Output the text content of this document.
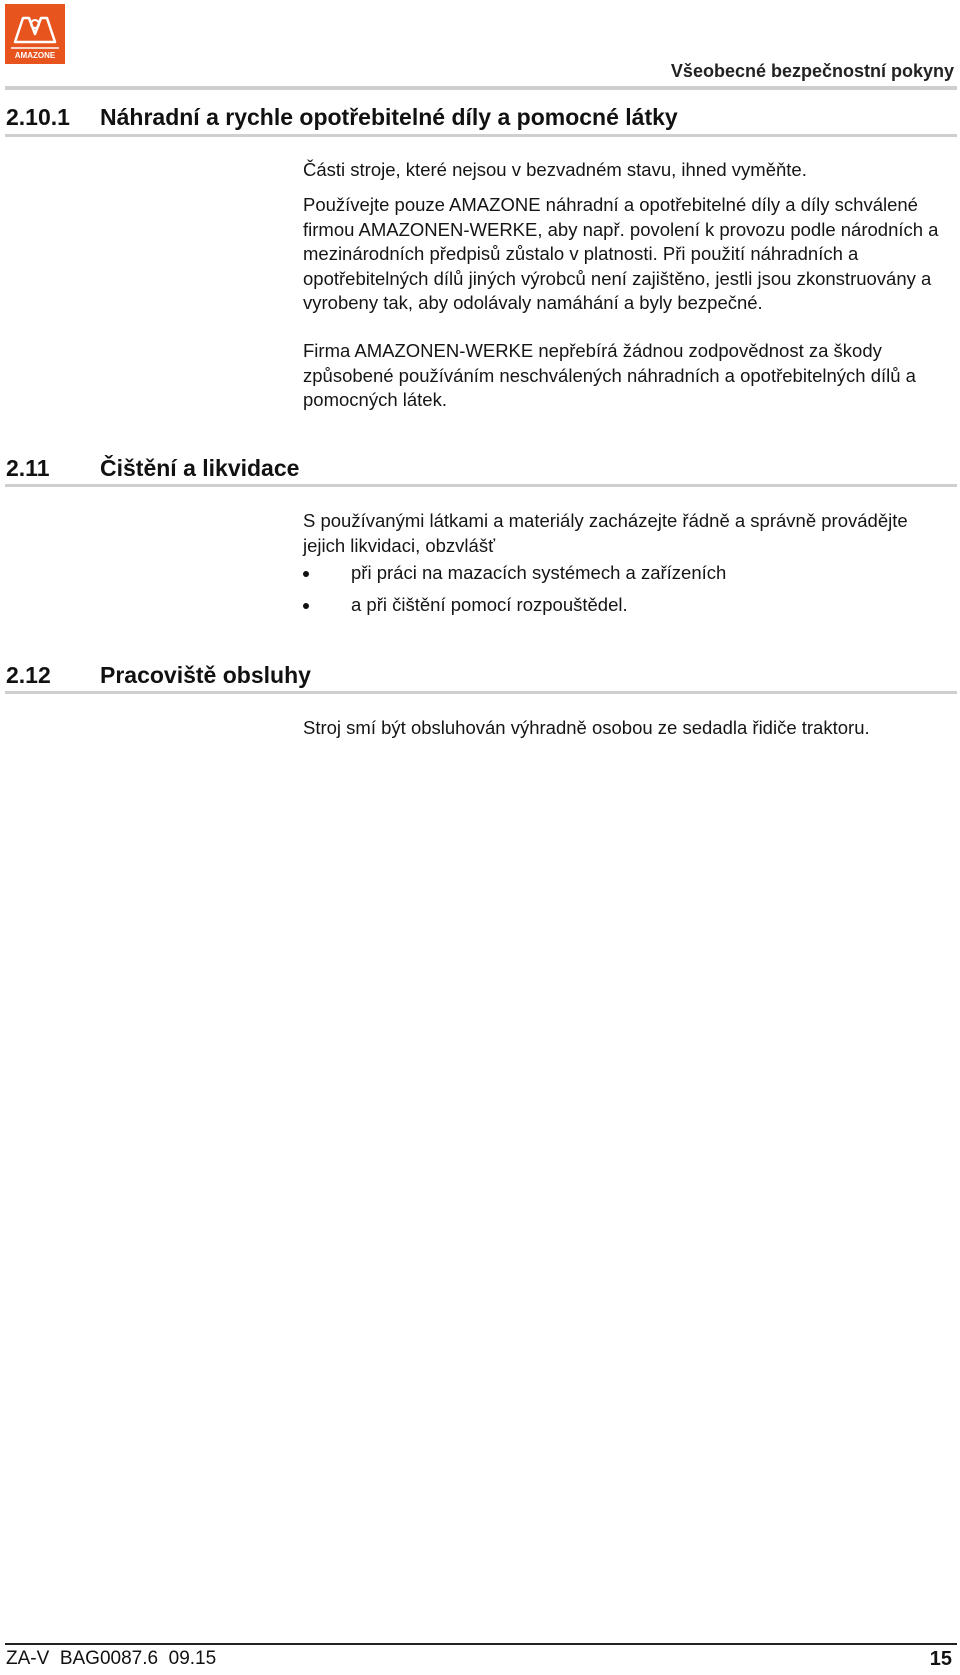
AMAZONE
Všeobecné bezpečnostní pokyny
2.10.1 Náhradní a rychle opotřebitelné díly a pomocné látky

Části stroje, které nejsou v bezvadném stavu, ihned vyměňte.

Používejte pouze AMAZONE náhradní a opotřebitelné díly a díly schválené firmou AMAZONEN-WERKE, aby např. povolení k provozu podle národních a mezinárodních předpisů zůstalo v platnosti. Při použití náhradních a opotřebitelných dílů jiných výrobců není zajištěno, jestli jsou zkonstruovány a vyrobeny tak, aby odolávaly namáhání a byly bezpečné.

Firma AMAZONEN-WERKE nepřebírá žádnou zodpovědnost za škody způsobené používáním neschválených náhradních a opotřebitelných dílů a pomocných látek.

2.11 Čištění a likvidace

S používanými látkami a materiály zacházejte řádně a správně provádějte jejich likvidaci, obzvlášť

při práci na mazacích systémech a zařízeních
a při čištění pomocí rozpouštědel.
2.12 Pracoviště obsluhy

Stroj smí být obsluhován výhradně osobou ze sedadla řidiče traktoru.

ZA-V  BAG0087.6  09.15	15
